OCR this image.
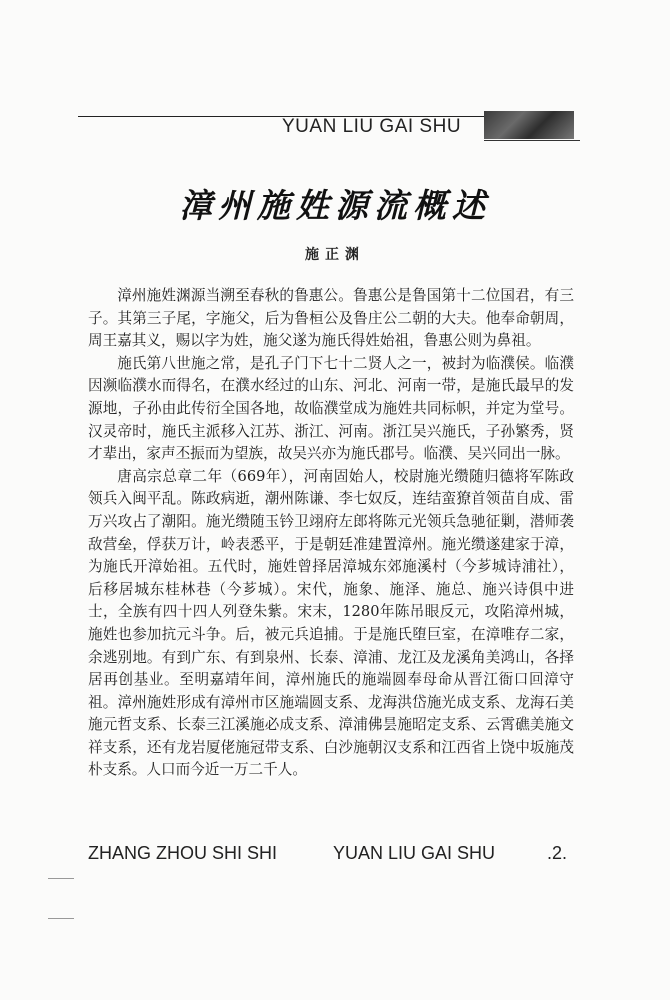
YUAN LIU GAI SHU
漳州施姓源流概述
施正渊

漳州施姓渊源当溯至春秋的鲁惠公。鲁惠公是鲁国第十二位国君，有三子。其第三子尾，字施父，后为鲁桓公及鲁庄公二朝的大夫。他奉命朝周，周王嘉其义，赐以字为姓，施父遂为施氏得姓始祖，鲁惠公则为鼻祖。

施氏第八世施之常，是孔子门下七十二贤人之一，被封为临濮侯。临濮因濒临濮水而得名，在濮水经过的山东、河北、河南一带，是施氏最早的发源地，子孙由此传衍全国各地，故临濮堂成为施姓共同标帜，并定为堂号。汉灵帝时，施氏主派移入江苏、浙江、河南。浙江吴兴施氏，子孙繁秀，贤才辈出，家声丕振而为望族，故吴兴亦为施氏郡号。临濮、吴兴同出一脉。

唐高宗总章二年（669年），河南固始人，校尉施光缵随归德将军陈政领兵入闽平乱。陈政病逝，潮州陈谦、李七奴反，连结蛮獠首领苗自成、雷万兴攻占了潮阳。施光缵随玉钤卫翊府左郎将陈元光领兵急驰征剿，潜师袭敌营垒，俘获万计，岭表悉平，于是朝廷准建置漳州。施光缵遂建家于漳，为施氏开漳始祖。五代时，施姓曾择居漳城东郊施溪村（今芗城诗浦社），后移居城东桂林巷（今芗城）。宋代，施象、施泽、施总、施兴诗俱中进士，全族有四十四人列登朱紫。宋末，1280年陈吊眼反元，攻陷漳州城，施姓也参加抗元斗争。后，被元兵追捕。于是施氏堕巨室，在漳唯存二家，余逃别地。有到广东、有到泉州、长泰、漳浦、龙江及龙溪角美鸿山，各择居再创基业。至明嘉靖年间，漳州施氏的施端圆奉母命从晋江衙口回漳守祖。漳州施姓形成有漳州市区施端圆支系、龙海洪岱施光成支系、龙海石美施元哲支系、长泰三江溪施必成支系、漳浦佛昙施昭定支系、云霄礁美施文祥支系，还有龙岩厦佬施冠带支系、白沙施朝汉支系和江西省上饶中坂施茂朴支系。人口而今近一万二千人。

ZHANG ZHOU SHI SHI	YUAN LIU GAI SHU	.2.
